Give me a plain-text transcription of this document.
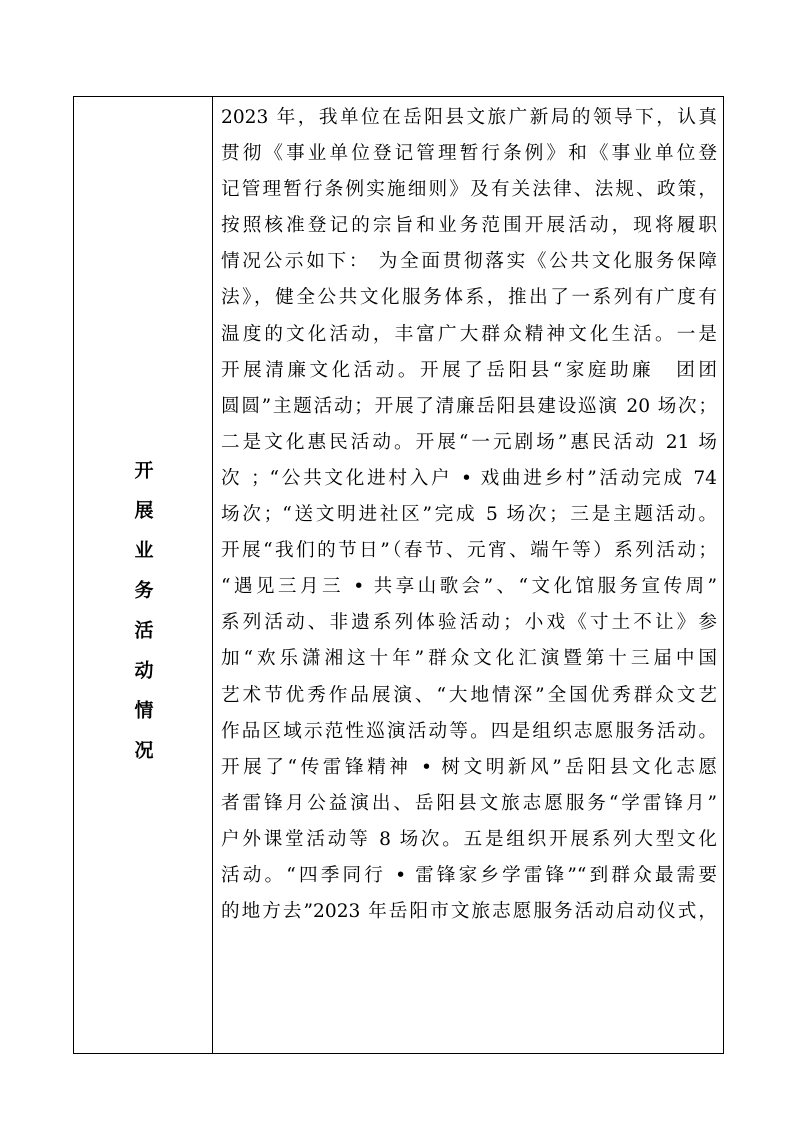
开展业务活动情况
2023 年，我单位在岳阳县文旅广新局的领导下，认真
贯彻《事业单位登记管理暂行条例》和《事业单位登
记管理暂行条例实施细则》及有关法律、法规、政策，
按照核准登记的宗旨和业务范围开展活动，现将履职
情况公示如下： 为全面贯彻落实《公共文化服务保障
法》，健全公共文化服务体系，推出了一系列有广度有
温度的文化活动，丰富广大群众精神文化生活。一是
开展清廉文化活动。开展了岳阳县“家庭助廉　团团
圆圆”主题活动；开展了清廉岳阳县建设巡演 20 场次；
二是文化惠民活动。开展“一元剧场”惠民活动 21 场
次 ；“公共文化进村入户 • 戏曲进乡村”活动完成 74
场次；“送文明进社区”完成 5 场次；三是主题活动。
开展“我们的节日”（春节、元宵、端午等）系列活动；
“遇见三月三 • 共享山歌会”、“文化馆服务宣传周”
系列活动、非遗系列体验活动；小戏《寸土不让》参
加“欢乐潇湘这十年”群众文化汇演暨第十三届中国
艺术节优秀作品展演、“大地情深”全国优秀群众文艺
作品区域示范性巡演活动等。四是组织志愿服务活动。
开展了“传雷锋精神 • 树文明新风”岳阳县文化志愿
者雷锋月公益演出、岳阳县文旅志愿服务“学雷锋月”
户外课堂活动等 8 场次。五是组织开展系列大型文化
活动。“四季同行 • 雷锋家乡学雷锋”“到群众最需要
的地方去”2023 年岳阳市文旅志愿服务活动启动仪式，
